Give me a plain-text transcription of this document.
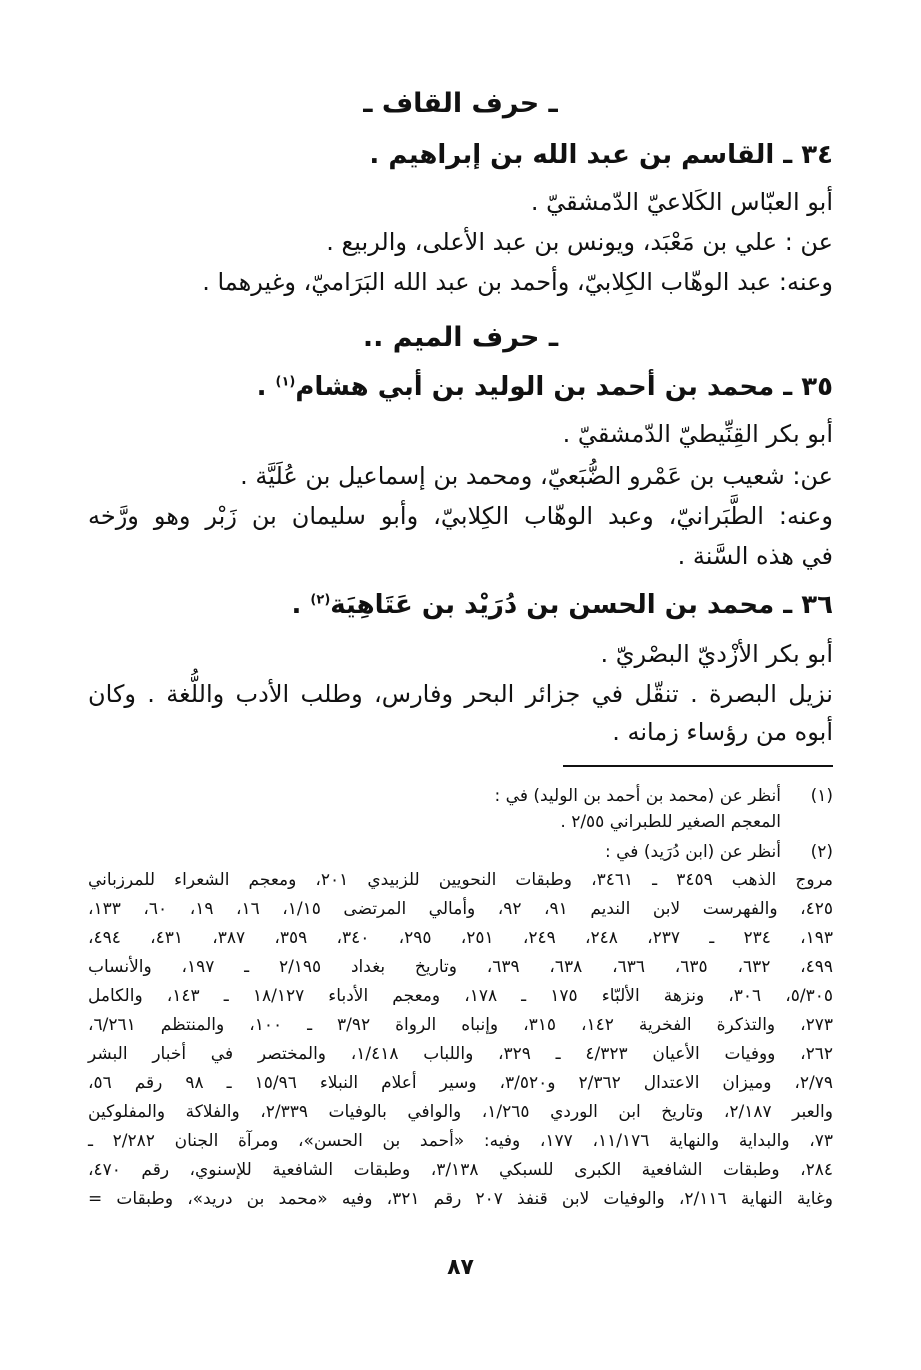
ـ حرف القاف ـ
٣٤ ـ القاسم بن عبد الله بن إبراهيم .
أبو العبّاس الكَلاعيّ الدّمشقيّ .
عن : علي بن مَعْبَد، ويونس بن عبد الأعلى، والربيع .
وعنه: عبد الوهّاب الكِلابيّ، وأحمد بن عبد الله البَرَاميّ، وغيرهما .
ـ حرف الميم ..
٣٥ ـ محمد بن أحمد بن الوليد بن أبي هشام$^{(١)}$ .
أبو بكر القِنِّيطيّ الدّمشقيّ .
عن: شعيب بن عَمْرو الضُّبَعيّ، ومحمد بن إسماعيل بن عُلَيَّة .
وعنه: الطَّبَرانيّ، وعبد الوهّاب الكِلابيّ، وأبو سليمان بن زَبْر وهو ورَّخه
في هذه السَّنة .
٣٦ ـ محمد بن الحسن بن دُرَيْد بن عَتَاهِيَة$^{(٢)}$ .
أبو بكر الأزْديّ البصْريّ .
نزيل البصرة . تنقّل في جزائر البحر وفارس، وطلب الأدب واللُّغة . وكان
أبوه من رؤساء زمانه .
(١)
أنظر عن (محمد بن أحمد بن الوليد) في :
المعجم الصغير للطبراني ٢/٥٥ .
(٢)
أنظر عن (ابن دُرَيد) في :
مروج الذهب ٣٤٥٩ ـ ٣٤٦١، وطبقات النحويين للزبيدي ٢٠١، ومعجم الشعراء للمرزباني
٤٢٥، والفهرست لابن النديم ٩١، ٩٢، وأمالي المرتضى ١/١٥، ١٦، ١٩، ٦٠، ١٣٣،
١٩٣، ٢٣٤ ـ ٢٣٧، ٢٤٨، ٢٤٩، ٢٥١، ٢٩٥، ٣٤٠، ٣٥٩، ٣٨٧، ٤٣١، ٤٩٤،
٤٩٩، ٦٣٢، ٦٣٥، ٦٣٦، ٦٣٨، ٦٣٩، وتاريخ بغداد ٢/١٩٥ ـ ١٩٧، والأنساب
٥/٣٠٥، ٣٠٦، ونزهة الألبّاء ١٧٥ ـ ١٧٨، ومعجم الأدباء ١٨/١٢٧ ـ ١٤٣، والكامل
٢٧٣، والتذكرة الفخرية ١٤٢، ٣١٥، وإنباه الرواة ٣/٩٢ ـ ١٠٠، والمنتظم ٦/٢٦١،
٢٦٢، ووفيات الأعيان ٤/٣٢٣ ـ ٣٢٩، واللباب ١/٤١٨، والمختصر في أخبار البشر
٢/٧٩، وميزان الاعتدال ٢/٣٦٢ و٣/٥٢٠، وسير أعلام النبلاء ١٥/٩٦ ـ ٩٨ رقم ٥٦،
والعبر ٢/١٨٧، وتاريخ ابن الوردي ١/٢٦٥، والوافي بالوفيات ٢/٣٣٩، والفلاكة والمفلوكين
٧٣، والبداية والنهاية ١١/١٧٦، ١٧٧، وفيه: «أحمد بن الحسن»، ومرآة الجنان ٢/٢٨٢ ـ
٢٨٤، وطبقات الشافعية الكبرى للسبكي ٣/١٣٨، وطبقات الشافعية للإسنوي، رقم ٤٧٠،
وغاية النهاية ٢/١١٦، والوفيات لابن قنفذ ٢٠٧ رقم ٣٢١، وفيه «محمد بن دريد»، وطبقات =
٨٧
